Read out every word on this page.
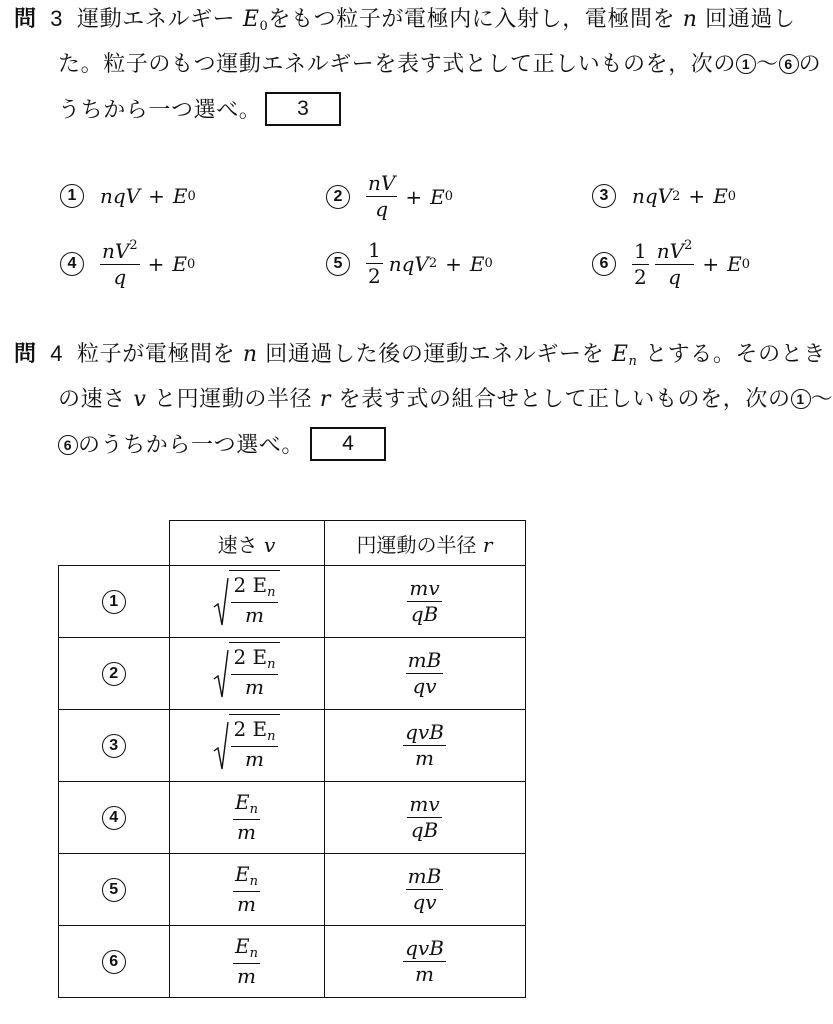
問 3 運動エネルギー $E_0$をもつ粒子が電極内に入射し，電極間を n 回通過し
た。粒子のもつ運動エネルギーを表す式として正しいものを，次の 1 〜 6 の
うちから一つ選べ。	3
1	nqV + E 0	2	$\frac{nV}{q} + E$ 0	3	nqV 2 + E 0
4	$\frac{nV^2}{q} + E$ 0	5	$\frac{1}{2}$ nqV 2 + E 0	6	$\frac{1}{2} \frac{nV^2}{q} + E$ 0
問 4 粒子が電極間を n 回通過した後の運動エネルギーを $E_n$ とする。そのとき
の速さ v と円運動の半径 r を表す式の組合せとして正しいものを，次の 1 〜
6 のうちから一つ選べ。	4
	速さ v	円運動の半径 r
1	$\frac{2 E_n}{m}$	$\frac{mv}{qB}$

2	$\frac{2 E_n}{m}$	$\frac{mB}{qv}$

3	$\frac{2 E_n}{m}$	$\frac{\text{qvB}}{m}$

4	$\frac{E_n}{m}$	$\frac{mv}{qB}$

5	$\frac{E_n}{m}$	$\frac{mB}{qv}$

6	$\frac{E_n}{m}$	$\frac{\text{qvB}}{m}$
